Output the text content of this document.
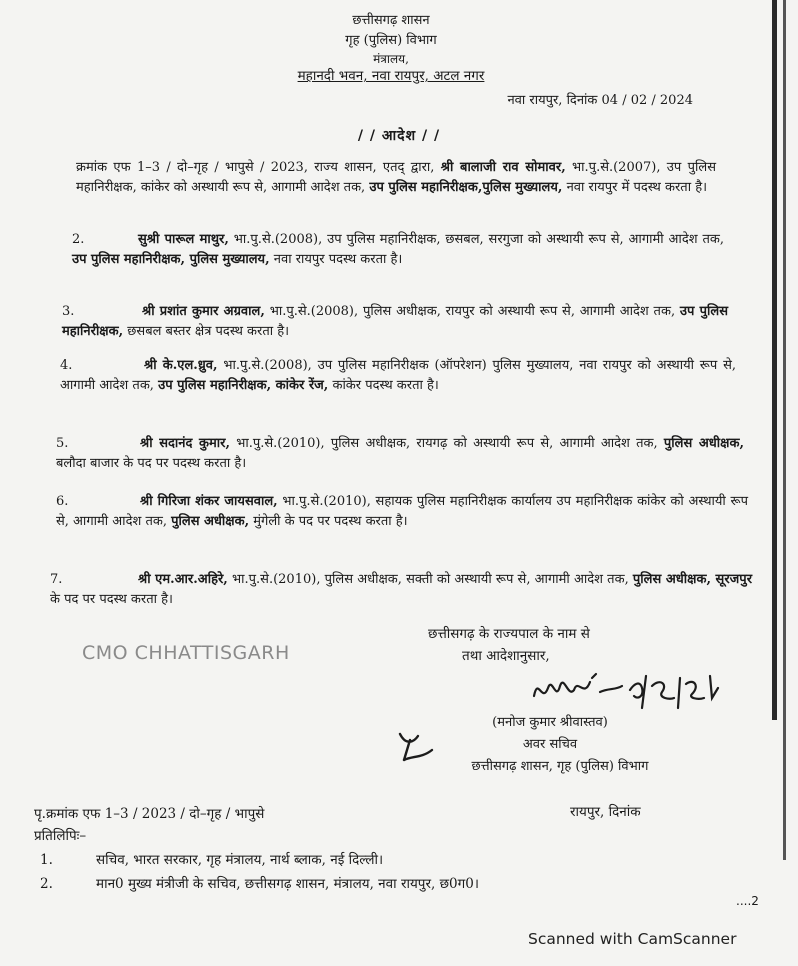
छत्तीसगढ़ शासन
गृह (पुलिस) विभाग
मंत्रालय,
महानदी भवन, नवा रायपुर, अटल नगर
नवा रायपुर, दिनांक 04 / 02 / 2024
/ / आदेश / /
क्रमांक एफ 1–3 / दो–गृह / भापुसे / 2023, राज्य शासन, एतद् द्वारा, श्री बालाजी राव सोमावर, भा.पु.से.(2007), उप पुलिस महानिरीक्षक, कांकेर को अस्थायी रूप से, आगामी आदेश तक, उप पुलिस महानिरीक्षक,पुलिस मुख्यालय, नवा रायपुर में पदस्थ करता है।
2.	सुश्री पारूल माथुर, भा.पु.से.(2008), उप पुलिस महानिरीक्षक, छसबल, सरगुजा को अस्थायी रूप से, आगामी आदेश तक, उप पुलिस महानिरीक्षक, पुलिस मुख्यालय, नवा रायपुर पदस्थ करता है।
3.	श्री प्रशांत कुमार अग्रवाल, भा.पु.से.(2008), पुलिस अधीक्षक, रायपुर को अस्थायी रूप से, आगामी आदेश तक, उप पुलिस महानिरीक्षक, छसबल बस्तर क्षेत्र पदस्थ करता है।
4.	श्री के.एल.ध्रुव, भा.पु.से.(2008), उप पुलिस महानिरीक्षक (ऑपरेशन) पुलिस मुख्यालय, नवा रायपुर को अस्थायी रूप से, आगामी आदेश तक, उप पुलिस महानिरीक्षक, कांकेर रेंज, कांकेर पदस्थ करता है।
5.	श्री सदानंद कुमार, भा.पु.से.(2010), पुलिस अधीक्षक, रायगढ़ को अस्थायी रूप से, आगामी आदेश तक, पुलिस अधीक्षक, बलौदा बाजार के पद पर पदस्थ करता है।
6.	श्री गिरिजा शंकर जायसवाल, भा.पु.से.(2010), सहायक पुलिस महानिरीक्षक कार्यालय उप महानिरीक्षक कांकेर को अस्थायी रूप से, आगामी आदेश तक, पुलिस अधीक्षक, मुंगेली के पद पर पदस्थ करता है।
7.	श्री एम.आर.अहिरे, भा.पु.से.(2010), पुलिस अधीक्षक, सक्ती को अस्थायी रूप से, आगामी आदेश तक, पुलिस अधीक्षक, सूरजपुर के पद पर पदस्थ करता है।
छत्तीसगढ़ के राज्यपाल के नाम से
तथा आदेशानुसार,
CMO CHHATTISGARH
(मनोज कुमार श्रीवास्तव)
अवर सचिव
छत्तीसगढ़ शासन, गृह (पुलिस) विभाग
पृ.क्रमांक एफ 1–3 / 2023 / दो–गृह / भापुसे	रायपुर, दिनांक
प्रतिलिपिः–
1.	सचिव, भारत सरकार, गृह मंत्रालय, नार्थ ब्लाक, नई दिल्ली।
2.	मान0 मुख्य मंत्रीजी के सचिव, छत्तीसगढ़ शासन, मंत्रालय, नवा रायपुर, छ0ग0।
....2
Scanned with CamScanner
